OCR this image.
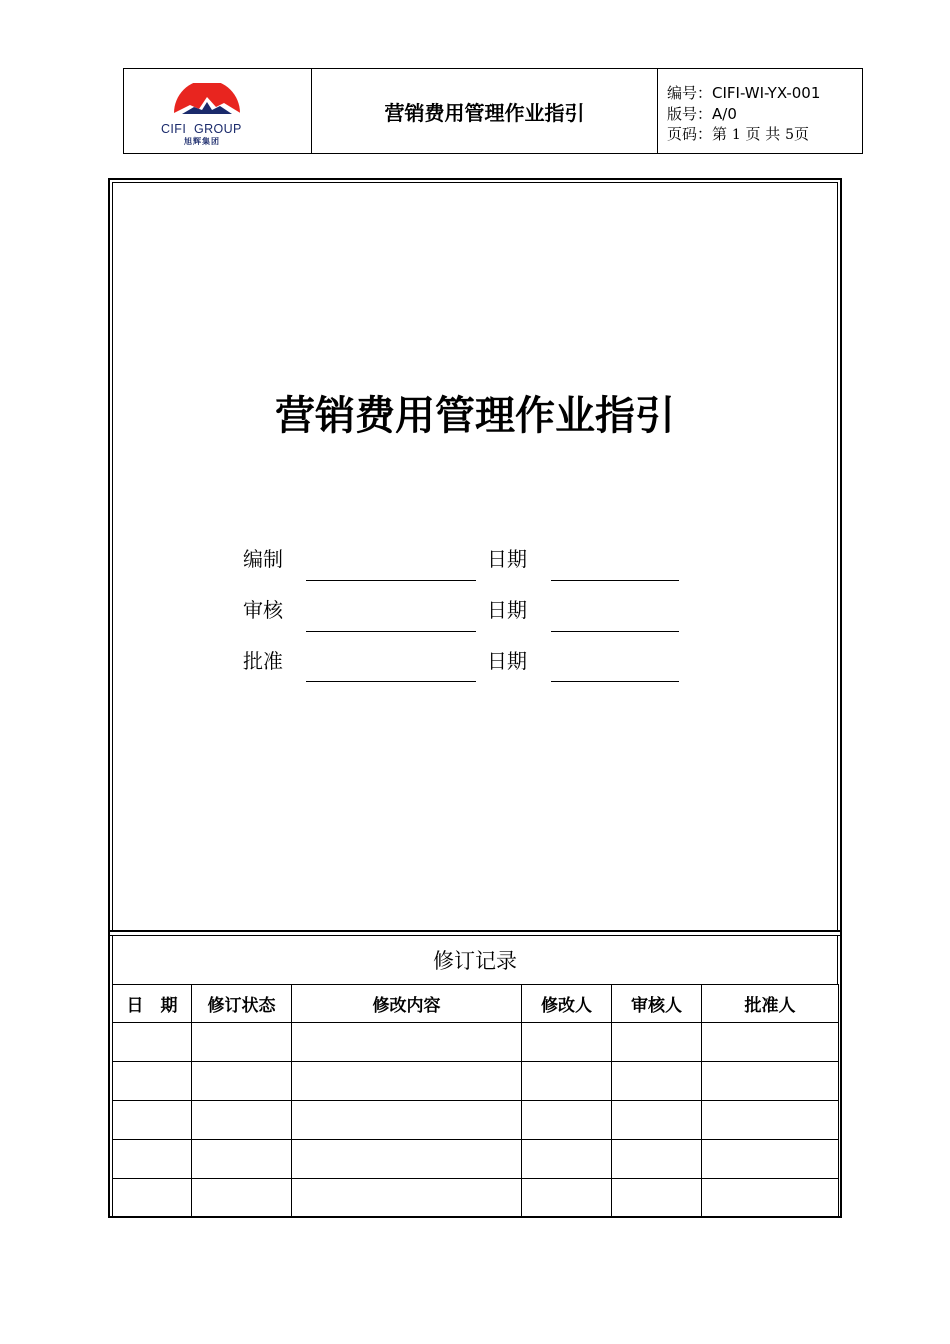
CIFI  GROUP
旭辉集团
营销费用管理作业指引
编号：CIFI-WI-YX-001
版号：A/0
页码：第 1 页 共 5页
营销费用管理作业指引
编制	日期
审核	日期
批准	日期
修订记录
日　期	修订状态	修改内容	修改人	审核人	批准人
